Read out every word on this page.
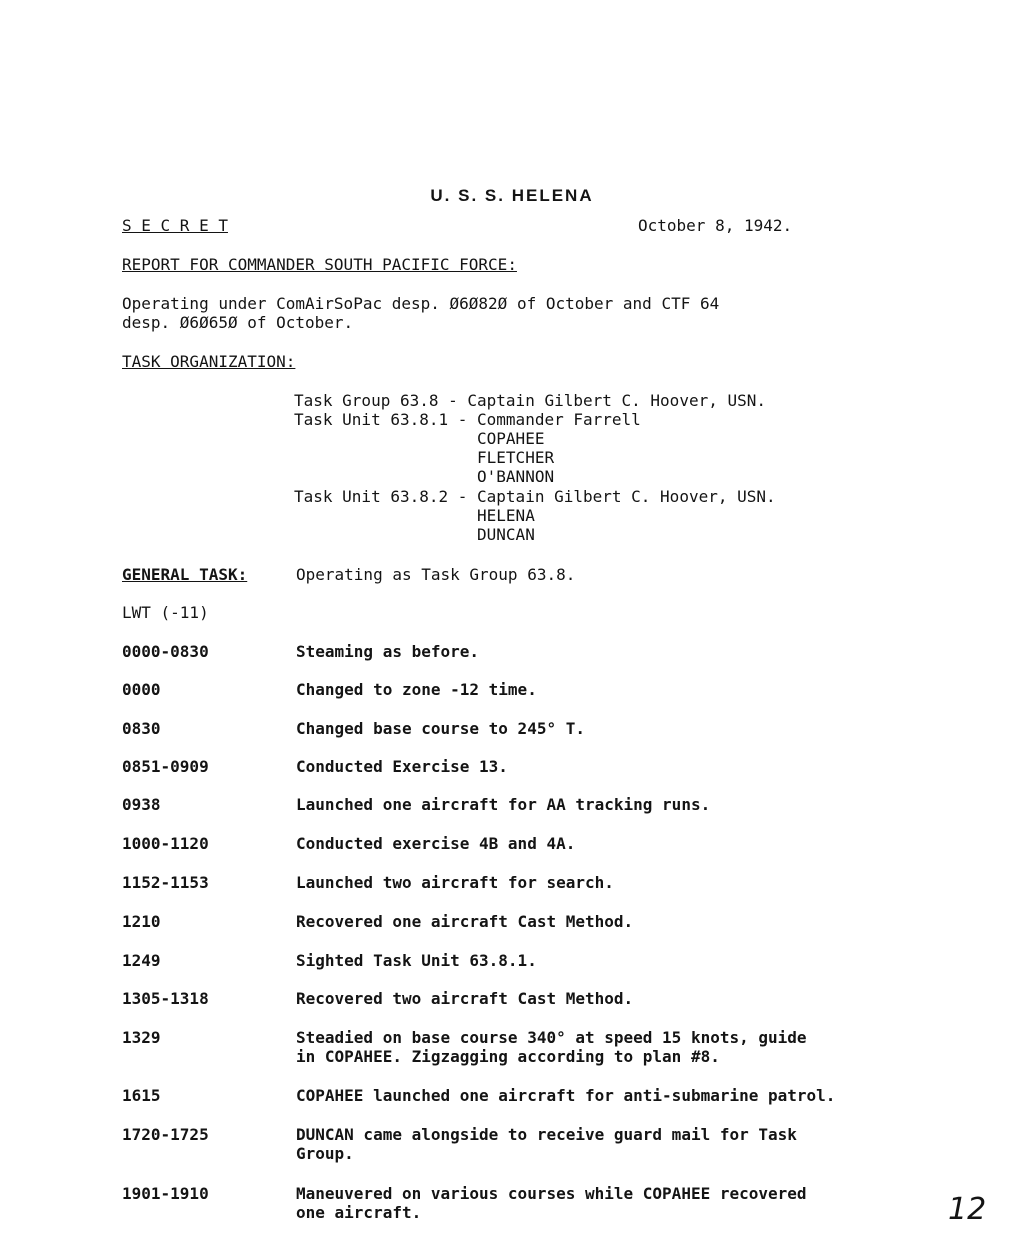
U. S. S. HELENA
S E C R E T	October 8, 1942.
REPORT FOR COMMANDER SOUTH PACIFIC FORCE:
Operating under ComAirSoPac desp. Ø6Ø82Ø of October and CTF 64
desp. Ø6Ø65Ø of October.
TASK ORGANIZATION:
Task Group 63.8 - Captain Gilbert C. Hoover, USN.
Task Unit 63.8.1 - Commander Farrell
COPAHEE
FLETCHER
O'BANNON
Task Unit 63.8.2 - Captain Gilbert C. Hoover, USN.
HELENA
DUNCAN
GENERAL TASK:	Operating as Task Group 63.8.
LWT (-11)
0000-0830	Steaming as before.
0000	Changed to zone -12 time.
0830	Changed base course to 245° T.
0851-0909	Conducted Exercise 13.
0938	Launched one aircraft for AA tracking runs.
1000-1120	Conducted exercise 4B and 4A.
1152-1153	Launched two aircraft for search.
1210	Recovered one aircraft Cast Method.
1249	Sighted Task Unit 63.8.1.
1305-1318	Recovered two aircraft Cast Method.
1329	Steadied on base course 340° at speed 15 knots, guide
in COPAHEE. Zigzagging according to plan #8.
1615	COPAHEE launched one aircraft for anti-submarine patrol.
1720-1725	DUNCAN came alongside to receive guard mail for Task
Group.
1901-1910	Maneuvered on various courses while COPAHEE recovered
one aircraft.	12
